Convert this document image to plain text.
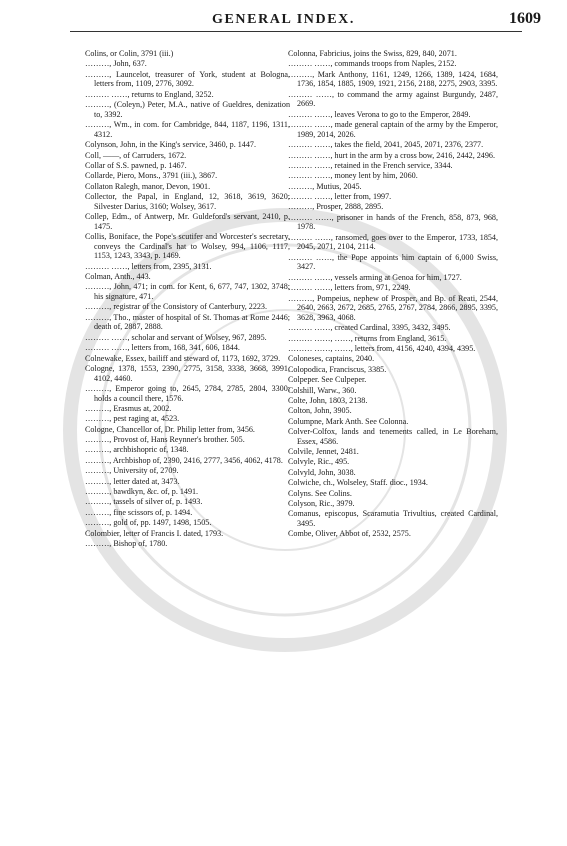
GENERAL INDEX.	1609

Colins, or Colin, 3791 (iii.)

………, John, 637.

………, Launcelot, treasurer of York, student at Bologna, letters from, 1109, 2776, 3092.

……… ……, returns to England, 3252.

………, (Coleyn,) Peter, M.A., native of Gueldres, denization to, 3392.

………, Wm., in com. for Cambridge, 844, 1187, 1196, 1311, 4312.

Colynson, John, in the King's service, 3460, p. 1447.

Coll, ——, of Carruders, 1672.

Collar of S.S. pawned, p. 1467.

Collarde, Piero, Mons., 3791 (iii.), 3867.

Collaton Ralegh, manor, Devon, 1901.

Collector, the Papal, in England, 12, 3618, 3619, 3620; Silvester Darius, 3160; Wolsey, 3617.

Collep, Edm., of Antwerp, Mr. Guldeford's servant, 2410, p. 1475.

Collis, Boniface, the Pope's scutifer and Worcester's secretary, conveys the Cardinal's hat to Wolsey, 994, 1106, 1117, 1153, 1243, 3343, p. 1469.

……… ……, letters from, 2395, 3131.

Colman, Anth., 443.

………, John, 471; in com. for Kent, 6, 677, 747, 1302, 3748; his signature, 471.

………, registrar of the Consistory of Canterbury, 2223.

………, Tho., master of hospital of St. Thomas at Rome 2446; death of, 2887, 2888.

……… ……, scholar and servant of Wolsey, 967, 2895.

……… ……, letters from, 168, 341, 606, 1844.

Colnewake, Essex, bailiff and steward of, 1173, 1692, 3729.

Cologne, 1378, 1553, 2390, 2775, 3158, 3338, 3668, 3991, 4102, 4460.

………, Emperor going to, 2645, 2784, 2785, 2804, 3300; holds a council there, 1576.

………, Erasmus at, 2002.

………, pest raging at, 4523.

Cologne, Chancellor of, Dr. Philip letter from, 3456.

………, Provost of, Hans Reynner's brother. 505.

………, archbishopric of, 1348.

………, Archbishop of, 2390, 2416, 2777, 3456, 4062, 4178.

………, University of, 2709.

………, letter dated at, 3473.

………, bawdkyn, &c. of, p. 1491.

………, tassels of silver of, p. 1493.

………, fine scissors of, p. 1494.

………, gold of, pp. 1497, 1498, 1505.

Colombier, letter of Francis I. dated, 1793.

………, Bishop of, 1780.

Colonna, Fabricius, joins the Swiss, 829, 840, 2071.

……… ……, commands troops from Naples, 2152.

………, Mark Anthony, 1161, 1249, 1266, 1389, 1424, 1684, 1736, 1854, 1885, 1909, 1921, 2156, 2188, 2275, 2903, 3395.

……… ……, to command the army against Burgundy, 2487, 2669.

……… ……, leaves Verona to go to the Emperor, 2849.

……… ……, made general captain of the army by the Emperor, 1989, 2014, 2026.

……… ……, takes the field, 2041, 2045, 2071, 2376, 2377.

……… ……, hurt in the arm by a cross bow, 2416, 2442, 2496.

……… ……, retained in the French service, 3344.

……… ……, money lent by him, 2060.

………, Mutius, 2045.

……… ……, letter from, 1997.

………, Prosper, 2888, 2895.

……… ……, prisoner in hands of the French, 858, 873, 968, 1978.

……… ……, ransomed, goes over to the Emperor, 1733, 1854, 2045, 2071, 2104, 2114.

……… ……, the Pope appoints him captain of 6,000 Swiss, 3427.

……… ……, vessels arming at Genoa for him, 1727.

……… ……, letters from, 971, 2249.

………, Pompeius, nephew of Prosper, and Bp. of Reati, 2544, 2640, 2663, 2672, 2685, 2765, 2767, 2784, 2866, 2895, 3395, 3628, 3963, 4068.

……… ……, created Cardinal, 3395, 3432, 3495.

……… ……, ……, returns from England, 3615.

……… ……, ……, letters from, 4156, 4240, 4394, 4395.

Coloneses, captains, 2040.

Colopodica, Franciscus, 3385.

Colpeper. See Culpeper.

Colshill, Warw., 360.

Colte, John, 1803, 2138.

Colton, John, 3905.

Columpne, Mark Anth. See Colonna.

Colver-Colfox, lands and tenements called, in Le Boreham, Essex, 4586.

Colvile, Jennet, 2481.

Colvyle, Ric., 495.

Colvyld, John, 3038.

Colwiche, ch., Wolseley, Staff. dioc., 1934.

Colyns. See Colins.

Colyson, Ric., 3979.

Comanus, episcopus, Scaramutia Trivultius, created Cardinal, 3495.

Combe, Oliver, Abbot of, 2532, 2575.
